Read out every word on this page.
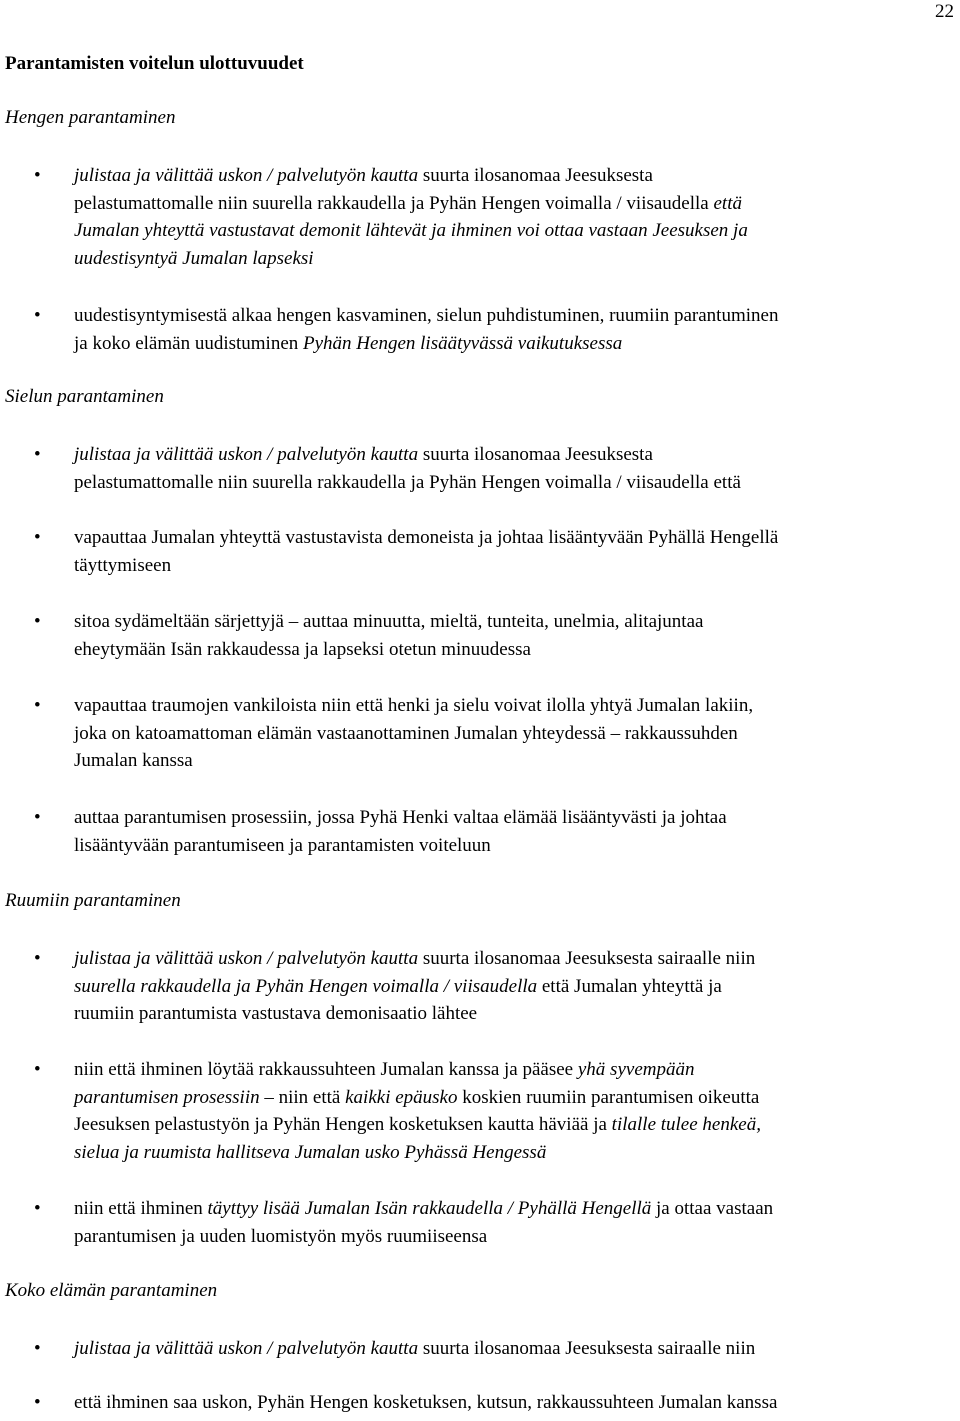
22
Parantamisten voitelun ulottuvuudet
Hengen parantaminen
• julistaa ja välittää uskon / palvelutyön kautta suurta ilosanomaa Jeesuksesta
pelastumattomalle niin suurella rakkaudella ja Pyhän Hengen voimalla / viisaudella että
Jumalan yhteyttä vastustavat demonit lähtevät ja ihminen voi ottaa vastaan Jeesuksen ja
uudestisyntyä Jumalan lapseksi
• uudestisyntymisestä alkaa hengen kasvaminen, sielun puhdistuminen, ruumiin parantuminen
ja koko elämän uudistuminen Pyhän Hengen lisäätyvässä vaikutuksessa
Sielun parantaminen
• julistaa ja välittää uskon / palvelutyön kautta suurta ilosanomaa Jeesuksesta
pelastumattomalle niin suurella rakkaudella ja Pyhän Hengen voimalla / viisaudella että
• vapauttaa Jumalan yhteyttä vastustavista demoneista ja johtaa lisääntyvään Pyhällä Hengellä
täyttymiseen
• sitoa sydämeltään särjettyjä – auttaa minuutta, mieltä, tunteita, unelmia, alitajuntaa
eheytymään Isän rakkaudessa ja lapseksi otetun minuudessa
• vapauttaa traumojen vankiloista niin että henki ja sielu voivat ilolla yhtyä Jumalan lakiin,
joka on katoamattoman elämän vastaanottaminen Jumalan yhteydessä – rakkaussuhden
Jumalan kanssa
• auttaa parantumisen prosessiin, jossa Pyhä Henki valtaa elämää lisääntyvästi ja johtaa
lisääntyvään parantumiseen ja parantamisten voiteluun
Ruumiin parantaminen
• julistaa ja välittää uskon / palvelutyön kautta suurta ilosanomaa Jeesuksesta sairaalle niin
suurella rakkaudella ja Pyhän Hengen voimalla / viisaudella että Jumalan yhteyttä ja
ruumiin parantumista vastustava demonisaatio lähtee
• niin että ihminen löytää rakkaussuhteen Jumalan kanssa ja pääsee yhä syvempään
parantumisen prosessiin – niin että kaikki epäusko koskien ruumiin parantumisen oikeutta
Jeesuksen pelastustyön ja Pyhän Hengen kosketuksen kautta häviää ja tilalle tulee henkeä,
sielua ja ruumista hallitseva Jumalan usko Pyhässä Hengessä
• niin että ihminen täyttyy lisää Jumalan Isän rakkaudella / Pyhällä Hengellä ja ottaa vastaan
parantumisen ja uuden luomistyön myös ruumiiseensa
Koko elämän parantaminen
• julistaa ja välittää uskon / palvelutyön kautta suurta ilosanomaa Jeesuksesta sairaalle niin
• että ihminen saa uskon, Pyhän Hengen kosketuksen, kutsun, rakkaussuhteen Jumalan kanssa
